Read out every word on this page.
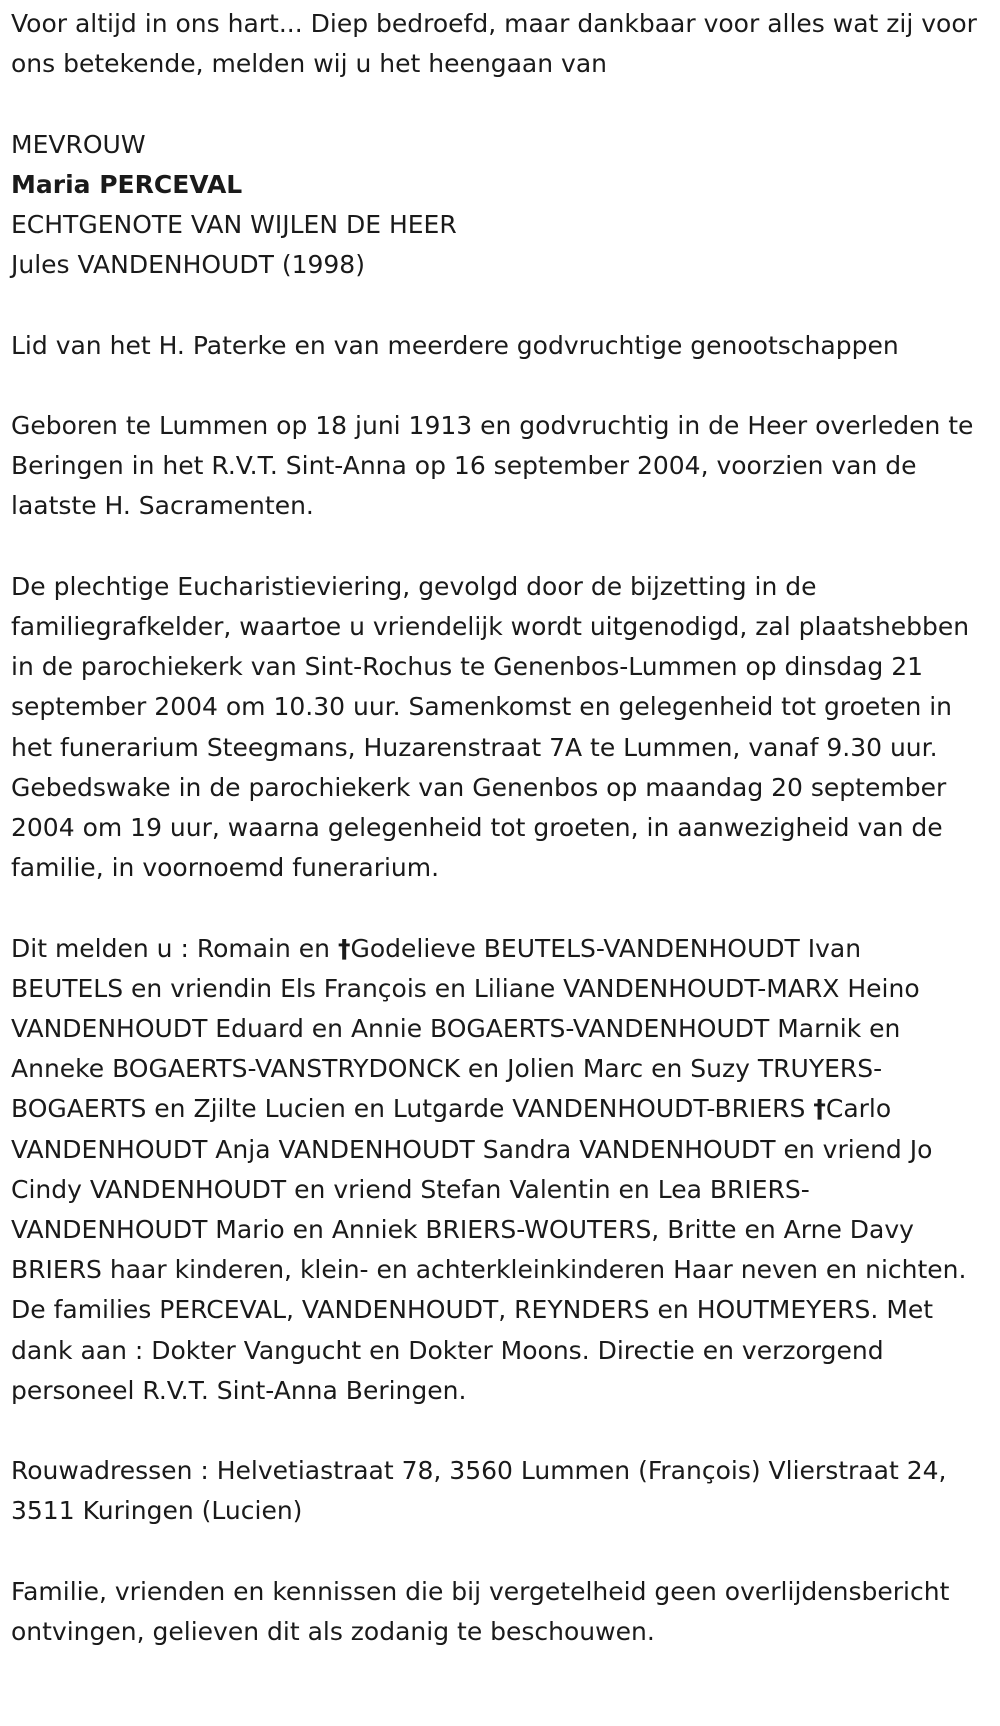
Voor altijd in ons hart... Diep bedroefd, maar dankbaar voor alles wat zij voor ons betekende, melden wij u het heengaan van

MEVROUW
Maria PERCEVAL
ECHTGENOTE VAN WIJLEN DE HEER
Jules VANDENHOUDT (1998)

Lid van het H. Paterke en van meerdere godvruchtige genootschappen

Geboren te Lummen op 18 juni 1913 en godvruchtig in de Heer overleden te Beringen in het R.V.T. Sint-Anna op 16 september 2004, voorzien van de laatste H. Sacramenten.

De plechtige Eucharistieviering, gevolgd door de bijzetting in de familiegrafkelder, waartoe u vriendelijk wordt uitgenodigd, zal plaatshebben in de parochiekerk van Sint-Rochus te Genenbos-Lummen op dinsdag 21 september 2004 om 10.30 uur. Samenkomst en gelegenheid tot groeten in het funerarium Steegmans, Huzarenstraat 7A te Lummen, vanaf 9.30 uur. Gebedswake in de parochiekerk van Genenbos op maandag 20 september 2004 om 19 uur, waarna gelegenheid tot groeten, in aanwezigheid van de familie, in voornoemd funerarium.

Dit melden u : Romain en †Godelieve BEUTELS-VANDENHOUDT Ivan BEUTELS en vriendin Els François en Liliane VANDENHOUDT-MARX Heino VANDENHOUDT Eduard en Annie BOGAERTS-VANDENHOUDT Marnik en Anneke BOGAERTS-VANSTRYDONCK en Jolien Marc en Suzy TRUYERS-BOGAERTS en Zjilte Lucien en Lutgarde VANDENHOUDT-BRIERS †Carlo VANDENHOUDT Anja VANDENHOUDT Sandra VANDENHOUDT en vriend Jo Cindy VANDENHOUDT en vriend Stefan Valentin en Lea BRIERS-VANDENHOUDT Mario en Anniek BRIERS-WOUTERS, Britte en Arne Davy BRIERS haar kinderen, klein- en achterkleinkinderen Haar neven en nichten. De families PERCEVAL, VANDENHOUDT, REYNDERS en HOUTMEYERS. Met dank aan : Dokter Vangucht en Dokter Moons. Directie en verzorgend personeel R.V.T. Sint-Anna Beringen.

Rouwadressen : Helvetiastraat 78, 3560 Lummen (François) Vlierstraat 24, 3511 Kuringen (Lucien)

Familie, vrienden en kennissen die bij vergetelheid geen overlijdensbericht ontvingen, gelieven dit als zodanig te beschouwen.
